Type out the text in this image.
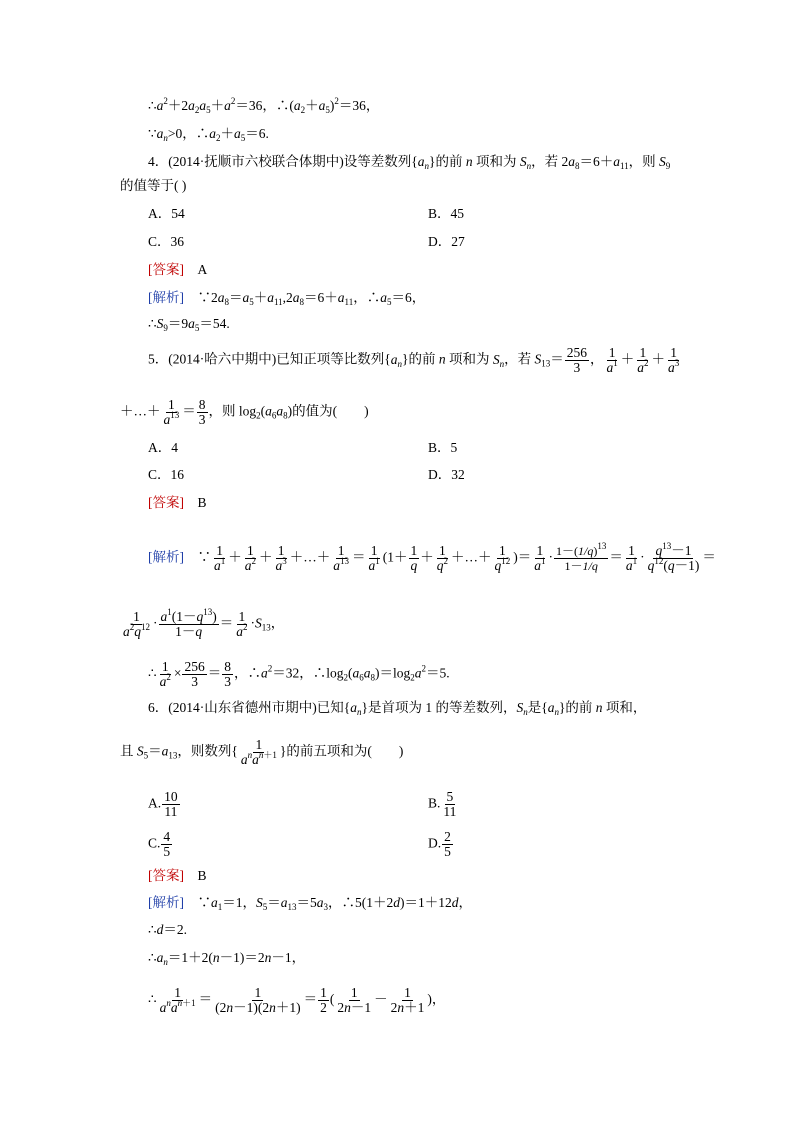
$\therefore a^2+2a_2a_5+a^2=36$，$\therefore(a_2+a_5)^2=36$，
$\because a_n>0$，$\therefore a_2+a_5=6$.
4．(2014·抚顺市六校联合体期中)设等差数列$\{a_n\}$的前 n 项和为 $S_n$，若 $2a_8=6+a_{11}$，则 $S_9$
的值等于( )
A．54	B．45
C．36	D．27
[答案]　 A
[解析]　$\because 2a_8=a_5+a_{11},2a_8=6+a_{11}$，$\therefore a_5=6$，
$\therefore S_9=9a_5=54$.
5．(2014·哈六中期中)已知正项等比数列$\{a_n\}$的前 n 项和为 $S_n$，若 $S_{13}= \frac{256}{3}$ ， $\frac{1}{a^1} + \frac{1}{a^2} + \frac{1}{a^3}$
＋…＋ $\frac{1}{a^{13}} = \frac{8}{3}$ ，则 $\log_2(a_6a_8)$的值为(　　)
A．4	B．5
C．16	D．32
[答案]　 B
[解析]　∵ $\frac{1}{a^1} + \frac{1}{a^2} + \frac{1}{a^3}$ ＋…＋ $\frac{1}{a^{13}} = \frac{1}{a^1} (1+ \frac{1}{q} + \frac{1}{q^2}$ ＋…＋ $\frac{1}{q^{12}}$ )＝ $\frac{1}{a^1} \cdot \frac{1-(1/q)^{13}}{1-1/q} = \frac{1}{a^1} \cdot \frac{q^{13}-1}{q^{12}(q-1)}$ ＝
$\frac{1}{a^2q^{12}} \cdot \frac{a^1(1-q^{13})}{1-q} = \frac{1}{a^2} \cdot S_{13}$，
∴ $\frac{1}{a^2} \times \frac{256}{3} = \frac{8}{3}$ ，$\therefore a^2=32$，$\therefore\log_2(a_6a_8)=\log_2a^2=5$.
6．(2014·山东省德州市期中)已知$\{a_n\}$是首项为 1 的等差数列，$S_n$是$\{a_n\}$的前 n 项和，
且 $S_5=a_{13}$，则数列{ $\frac{1}{a^na^{n+1}}$ }的前五项和为(　　)
A. $\frac{10}{11}$	B. $\frac{5}{11}$
C. $\frac{4}{5}$	D. $\frac{2}{5}$
[答案]　 B
[解析]　$\because a_1=1$，$S_5=a_{13}=5a_3$，∴5(1＋2d)＝1＋12d，
∴d＝2.
$\therefore a_n=1+2(n-1)=2n-1$，
∴ $\frac{1}{a^na^{n+1}} = \frac{1}{(2n-1)(2n+1)} = \frac{1}{2}$ ( $\frac{1}{2n-1} - \frac{1}{2n+1}$ )，
